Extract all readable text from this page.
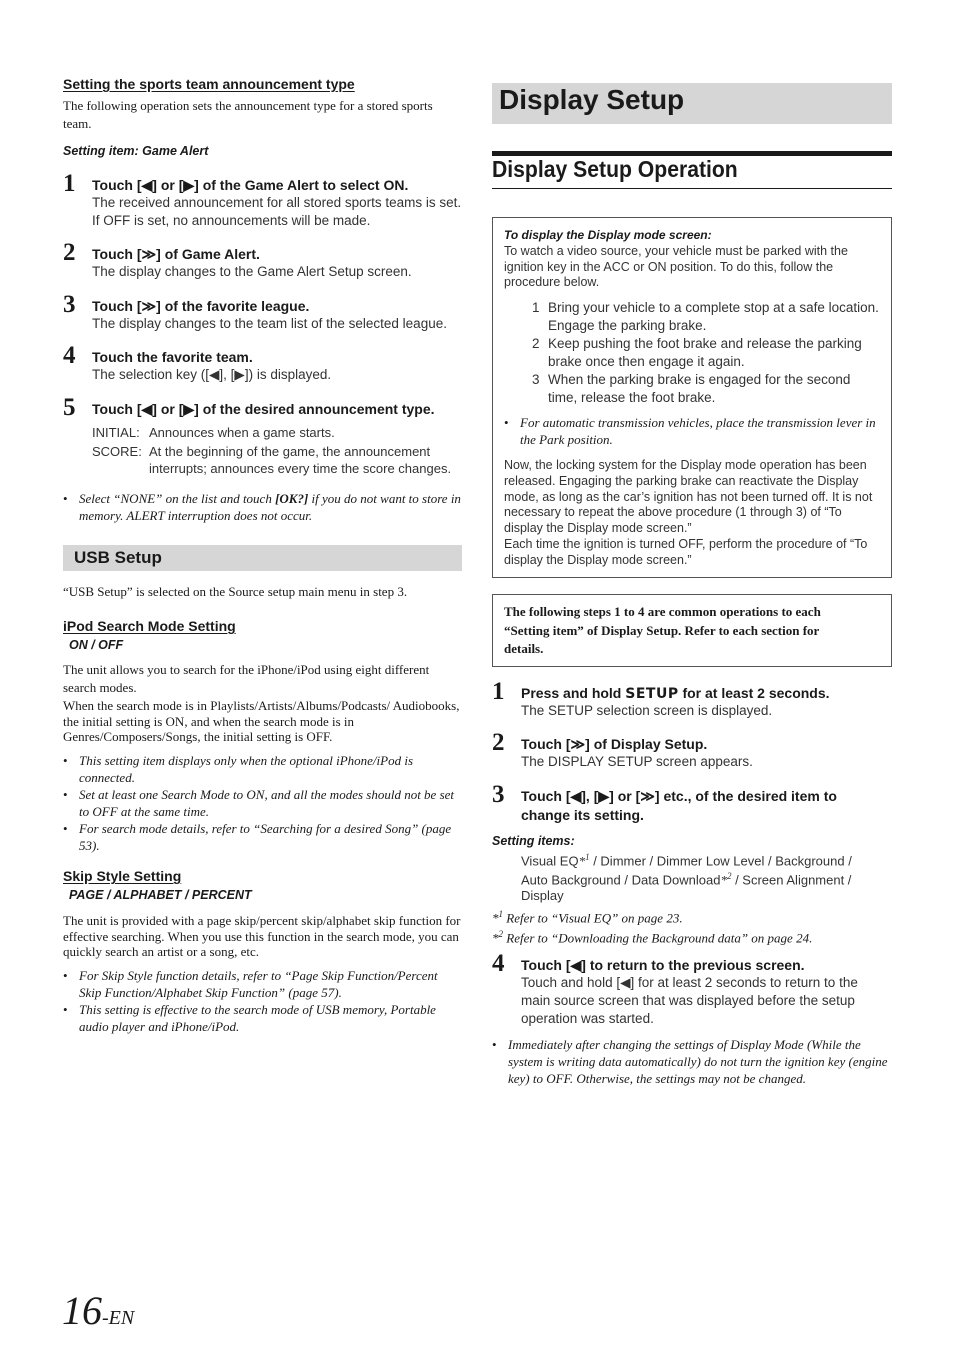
Setting the sports team announcement type
The following operation sets the announcement type for a stored sports team.
Setting item: Game Alert
1 Touch [◀] or [▶] of the Game Alert to select ON.
The received announcement for all stored sports teams is set. If OFF is set, no announcements will be made.
2 Touch [≫] of Game Alert.
The display changes to the Game Alert Setup screen.
3 Touch [≫] of the favorite league.
The display changes to the team list of the selected league.
4 Touch the favorite team.
The selection key ([◀], [▶]) is displayed.
5 Touch [◀] or [▶] of the desired announcement type.
INITIAL: Announces when a game starts.
SCORE: At the beginning of the game, the announcement interrupts; announces every time the score changes.
• Select “NONE” on the list and touch [OK?] if you do not want to store in memory. ALERT interruption does not occur.
USB Setup
“USB Setup” is selected on the Source setup main menu in step 3.
iPod Search Mode Setting
ON / OFF
The unit allows you to search for the iPhone/iPod using eight different search modes.
When the search mode is in Playlists/Artists/Albums/Podcasts/ Audiobooks, the initial setting is ON, and when the search mode is in Genres/Composers/Songs, the initial setting is OFF.
• This setting item displays only when the optional iPhone/iPod is connected.
• Set at least one Search Mode to ON, and all the modes should not be set to OFF at the same time.
• For search mode details, refer to “Searching for a desired Song” (page 53).
Skip Style Setting
PAGE / ALPHABET / PERCENT
The unit is provided with a page skip/percent skip/alphabet skip function for effective searching. When you use this function in the search mode, you can quickly search an artist or a song, etc.
• For Skip Style function details, refer to “Page Skip Function/Percent Skip Function/Alphabet Skip Function” (page 57).
• This setting is effective to the search mode of USB memory, Portable audio player and iPhone/iPod.
Display Setup
Display Setup Operation
To display the Display mode screen:
To watch a video source, your vehicle must be parked with the ignition key in the ACC or ON position. To do this, follow the procedure below.
1 Bring your vehicle to a complete stop at a safe location. Engage the parking brake.
2 Keep pushing the foot brake and release the parking brake once then engage it again.
3 When the parking brake is engaged for the second time, release the foot brake.
• For automatic transmission vehicles, place the transmission lever in the Park position.
Now, the locking system for the Display mode operation has been released. Engaging the parking brake can reactivate the Display mode, as long as the car’s ignition has not been turned off. It is not necessary to repeat the above procedure (1 through 3) of “To display the Display mode screen.”
Each time the ignition is turned OFF, perform the procedure of “To display the Display mode screen.”
The following steps 1 to 4 are common operations to each “Setting item” of Display Setup. Refer to each section for details.
1 Press and hold SETUP for at least 2 seconds.
The SETUP selection screen is displayed.
2 Touch [≫] of Display Setup.
The DISPLAY SETUP screen appears.
3 Touch [◀], [▶] or [≫] etc., of the desired item to change its setting.
Setting items:
Visual EQ*$^1$ / Dimmer / Dimmer Low Level / Background / Auto Background / Data Download*$^2$ / Screen Alignment / Display
*$^1$ Refer to “Visual EQ” on page 23.
*$^2$ Refer to “Downloading the Background data” on page 24.
4 Touch [◀] to return to the previous screen.
Touch and hold [◀] for at least 2 seconds to return to the main source screen that was displayed before the setup operation was started.
• Immediately after changing the settings of Display Mode (While the system is writing data automatically) do not turn the ignition key (engine key) to OFF. Otherwise, the settings may not be changed.
16-EN
